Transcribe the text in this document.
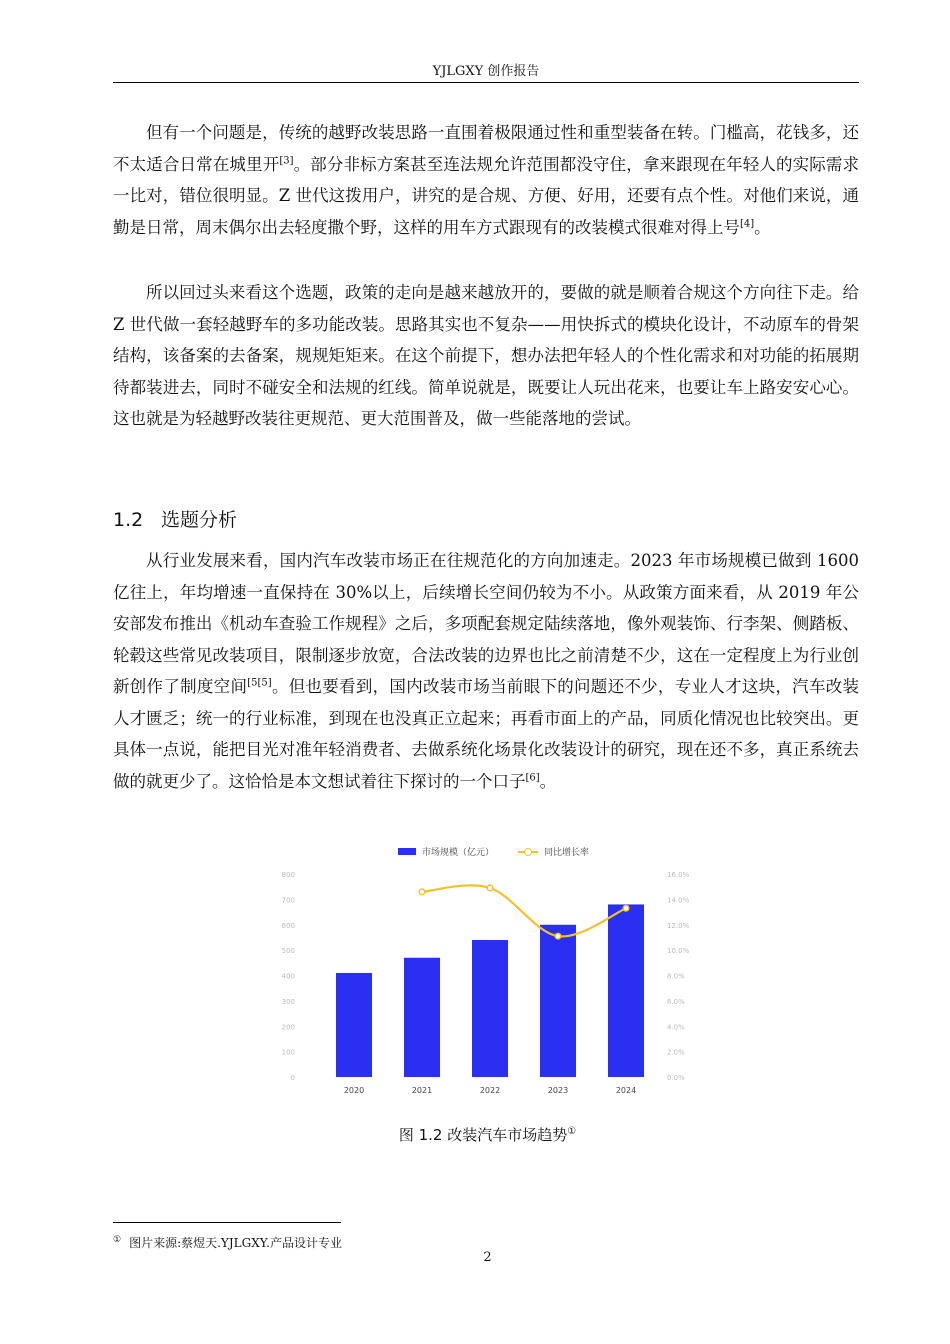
YJLGXY 创作报告

但有一个问题是，传统的越野改装思路一直围着极限通过性和重型装备在转。门槛高，花钱多，还不太适合日常在城里开[3]。部分非标方案甚至连法规允许范围都没守住，拿来跟现在年轻人的实际需求一比对，错位很明显。Z 世代这拨用户，讲究的是合规、方便、好用，还要有点个性。对他们来说，通勤是日常，周末偶尔出去轻度撒个野，这样的用车方式跟现有的改装模式很难对得上号[4]。

所以回过头来看这个选题，政策的走向是越来越放开的，要做的就是顺着合规这个方向往下走。给 Z 世代做一套轻越野车的多功能改装。思路其实也不复杂——用快拆式的模块化设计，不动原车的骨架结构，该备案的去备案，规规矩矩来。在这个前提下，想办法把年轻人的个性化需求和对功能的拓展期待都装进去，同时不碰安全和法规的红线。简单说就是，既要让人玩出花来，也要让车上路安安心心。这也就是为轻越野改装往更规范、更大范围普及，做一些能落地的尝试。

1.2 选题分析

从行业发展来看，国内汽车改装市场正在往规范化的方向加速走。2023 年市场规模已做到 1600 亿往上，年均增速一直保持在 30%以上，后续增长空间仍较为不小。从政策方面来看，从 2019 年公安部发布推出《机动车查验工作规程》之后，多项配套规定陆续落地，像外观装饰、行李架、侧踏板、轮毂这些常见改装项目，限制逐步放宽，合法改装的边界也比之前清楚不少，这在一定程度上为行业创新创作了制度空间[5[5]。但也要看到，国内改装市场当前眼下的问题还不少，专业人才这块，汽车改装人才匮乏；统一的行业标准，到现在也没真正立起来；再看市面上的产品，同质化情况也比较突出。更具体一点说，能把目光对准年轻消费者、去做系统化场景化改装设计的研究，现在还不多，真正系统去做的就更少了。这恰恰是本文想试着往下探讨的一个口子[6]。

市场规模（亿元）	同比增长率
0
100
200
300
400
500
600
700
800
0.0%
2.0%
4.0%
6.0%
8.0%
10.0%
12.0%
14.0%
16.0%
2020	2021	2022	2023	2024
图 1.2 改装汽车市场趋势①
① 图片来源:蔡煜天.YJLGXY.产品设计专业
2
